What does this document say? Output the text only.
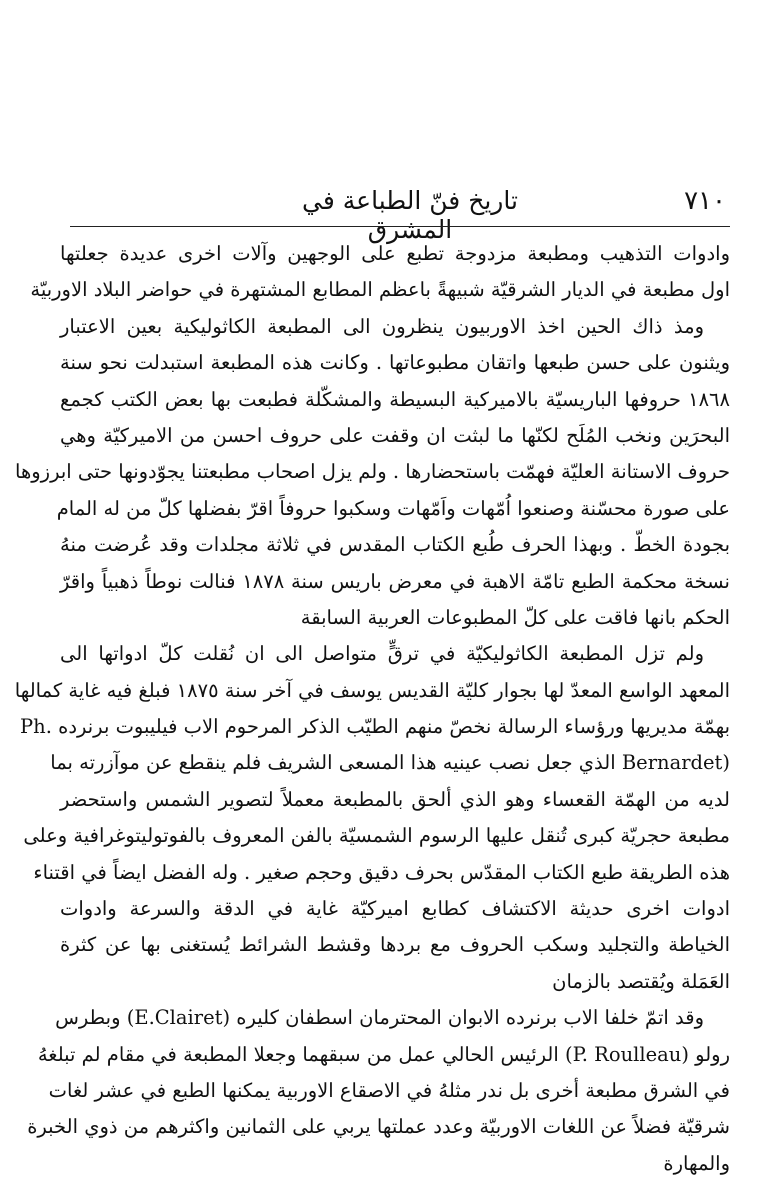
٧١٠
تاريخ فنّ الطباعة في المشرق
وادوات التذهيب ومطبعة مزدوجة تطبع على الوجهين وآلات اخرى عديدة جعلتها
اول مطبعة في الديار الشرقيّة شبيهةً باعظم المطابع المشتهرة في حواضر البلاد الاوربيّة
ومذ ذاك الحين اخذ الاوربيون ينظرون الى المطبعة الكاثوليكية بعين الاعتبار
ويثنون على حسن طبعها واتقان مطبوعاتها . وكانت هذه المطبعة استبدلت نحو سنة
١٨٦٨ حروفها الباريسيّة بالاميركية البسيطة والمشكّلة فطبعت بها بعض الكتب كجمع
البحرَين ونخب المُلَح لكنّها ما لبثت ان وقفت على حروف احسن من الاميركيّة وهي
حروف الاستانة العليّة فهمّت باستحضارها . ولم يزل اصحاب مطبعتنا يجوّدونها حتى ابرزوها
على صورة محسّنة وصنعوا اُمّهات واَمّهات وسكبوا حروفاً اقرّ بفضلها كلّ من له المام
بجودة الخطّ . وبهذا الحرف طُبع الكتاب المقدس في ثلاثة مجلدات وقد عُرضت منهُ
نسخة محكمة الطبع تامّة الاهبة في معرض باريس سنة ١٨٧٨ فنالت نوطاً ذهبياً واقرّ
الحكم بانها فاقت على كلّ المطبوعات العربية السابقة
ولم تزل المطبعة الكاثوليكيّة في ترقٍّ متواصل الى ان نُقلت كلّ ادواتها الى
المعهد الواسع المعدّ لها بجوار كليّة القديس يوسف في آخر سنة ١٨٧٥ فبلغ فيه غاية كمالها
بهمّة مديريها ورؤساء الرسالة نخصّ منهم الطيّب الذكر المرحوم الاب فيليبوت برنرده .Ph
(Bernardet الذي جعل نصب عينيه هذا المسعى الشريف فلم ينقطع عن موآزرته بما
لديه من الهمّة القعساء وهو الذي ألحق بالمطبعة معملاً لتصوير الشمس واستحضر
مطبعة حجريّة كبرى تُنقل عليها الرسوم الشمسيّة بالفن المعروف بالفوتوليتوغرافية وعلى
هذه الطريقة طبع الكتاب المقدّس بحرف دقيق وحجم صغير . وله الفضل ايضاً في اقتناء
ادوات اخرى حديثة الاكتشاف كطابع اميركيّة غاية في الدقة والسرعة وادوات
الخياطة والتجليد وسكب الحروف مع بردها وقشط الشرائط يُستغنى بها عن كثرة
العَمَلة ويُقتصد بالزمان
وقد اتمّ خلفا الاب برنرده الابوان المحترمان اسطفان كليره (E.Clairet) وبطرس
رولو (P. Roulleau) الرئيس الحالي عمل من سبقهما وجعلا المطبعة في مقام لم تبلغهُ
في الشرق مطبعة أخرى بل ندر مثلهُ في الاصقاع الاوربية يمكنها الطبع في عشر لغات
شرقيّة فضلاً عن اللغات الاوربيّة وعدد عملتها يربي على الثمانين واكثرهم من ذوي الخبرة
والمهارة
